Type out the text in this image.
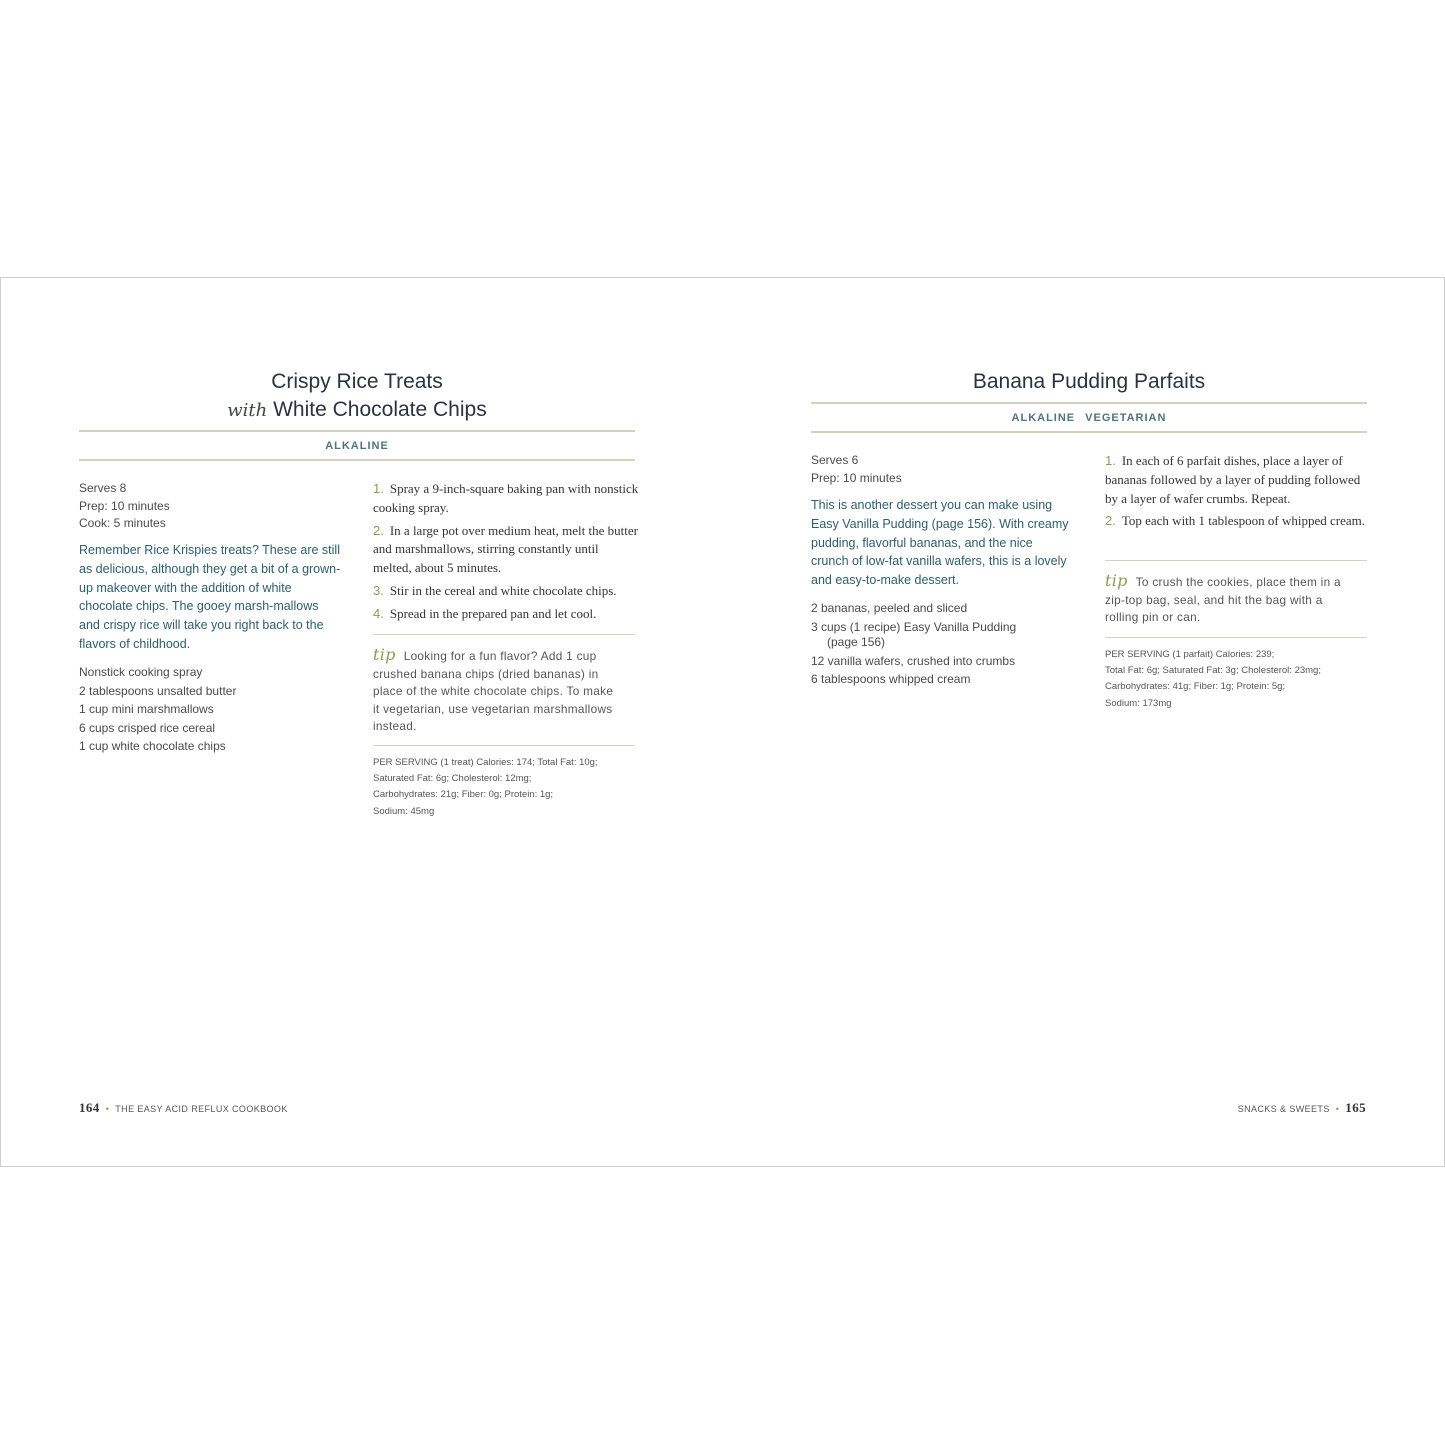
Crispy Rice Treats
with White Chocolate Chips
ALKALINE
Serves 8
Prep: 10 minutes
Cook: 5 minutes
Remember Rice Krispies treats? These are still as delicious, although they get a bit of a grown-up makeover with the addition of white chocolate chips. The gooey marsh-mallows and crispy rice will take you right back to the flavors of childhood.
Nonstick cooking spray
2 tablespoons unsalted butter
1 cup mini marshmallows
6 cups crisped rice cereal
1 cup white chocolate chips
1. Spray a 9-inch-square baking pan with nonstick cooking spray.
2. In a large pot over medium heat, melt the butter and marshmallows, stirring constantly until melted, about 5 minutes.
3. Stir in the cereal and white chocolate chips.
4. Spread in the prepared pan and let cool.
tip Looking for a fun flavor? Add 1 cup crushed banana chips (dried bananas) in place of the white chocolate chips. To make it vegetarian, use vegetarian marshmallows instead.
PER SERVING (1 treat) Calories: 174; Total Fat: 10g;
Saturated Fat: 6g; Cholesterol: 12mg;
Carbohydrates: 21g; Fiber: 0g; Protein: 1g;
Sodium: 45mg
164 • THE EASY ACID REFLUX COOKBOOK
Banana Pudding Parfaits
ALKALINE VEGETARIAN
Serves 6
Prep: 10 minutes
This is another dessert you can make using Easy Vanilla Pudding (page 156). With creamy pudding, flavorful bananas, and the nice crunch of low-fat vanilla wafers, this is a lovely and easy-to-make dessert.
2 bananas, peeled and sliced
3 cups (1 recipe) Easy Vanilla Pudding
(page 156)
12 vanilla wafers, crushed into crumbs
6 tablespoons whipped cream
1. In each of 6 parfait dishes, place a layer of bananas followed by a layer of pudding followed by a layer of wafer crumbs. Repeat.
2. Top each with 1 tablespoon of whipped cream.
tip To crush the cookies, place them in a zip-top bag, seal, and hit the bag with a rolling pin or can.
PER SERVING (1 parfait) Calories: 239;
Total Fat: 6g; Saturated Fat: 3g; Cholesterol: 23mg;
Carbohydrates: 41g; Fiber: 1g; Protein: 5g;
Sodium: 173mg
SNACKS & SWEETS • 165
